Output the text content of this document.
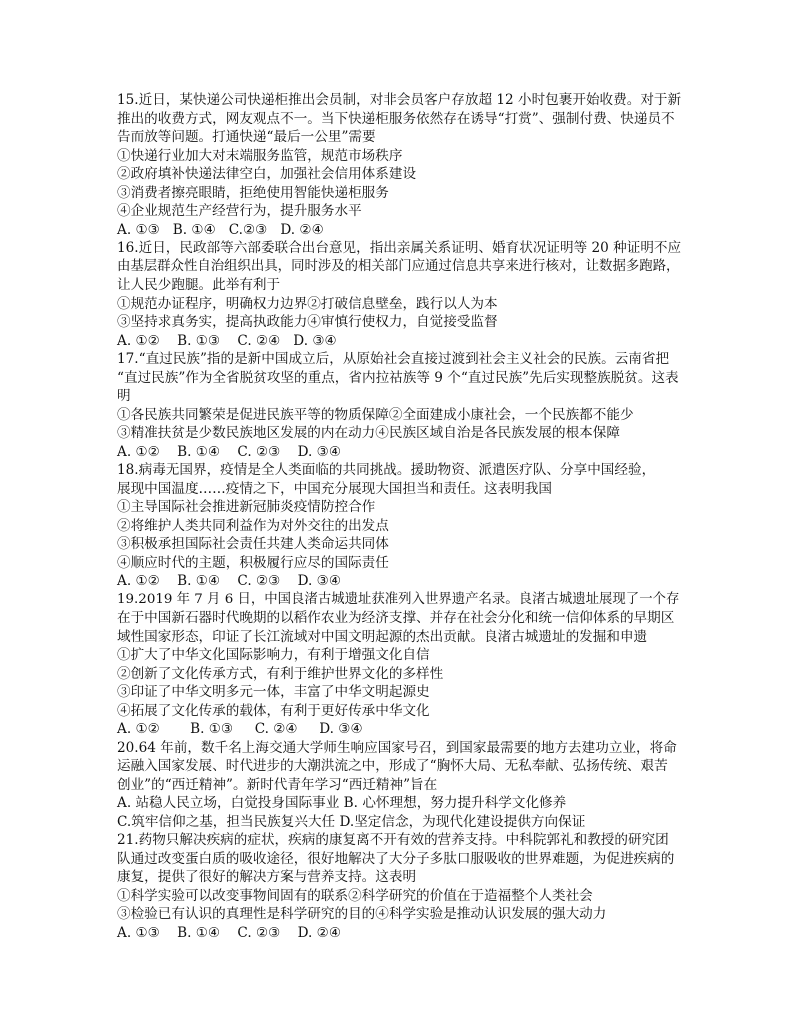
15.近日，某快递公司快递柜推出会员制，对非会员客户存放超 12 小时包裹开始收费。对于新
推出的收费方式，网友观点不一。当下快递柜服务依然存在诱导“打赏”、强制付费、快递员不
告而放等问题。打通快递“最后一公里”需要
①快递行业加大对末端服务监管，规范市场秩序
②政府填补快递法律空白，加强社会信用体系建设
③消费者擦亮眼睛，拒绝使用智能快递柜服务
④企业规范生产经营行为，提升服务水平
A. ①③   B. ①④   C.②③   D. ②④
16.近日，民政部等六部委联合出台意见，指出亲属关系证明、婚育状况证明等 20 种证明不应
由基层群众性自治组织出具，同时涉及的相关部门应通过信息共享来进行核对，让数据多跑路，
让人民少跑腿。此举有利于
①规范办证程序，明确权力边界②打破信息壁垒，践行以人为本
③坚持求真务实，提高执政能力④审慎行使权力，自觉接受监督
A. ①②    B. ①③    C. ②④   D. ③④
17.“直过民族”指的是新中国成立后，从原始社会直接过渡到社会主义社会的民族。云南省把
“直过民族”作为全省脱贫攻坚的重点，省内拉祜族等 9 个“直过民族”先后实现整族脱贫。这表
明
①各民族共同繁荣是促进民族平等的物质保障②全面建成小康社会，一个民族都不能少
③精准扶贫是少数民族地区发展的内在动力④民族区域自治是各民族发展的根本保障
A. ①②    B. ①④    C. ②③    D. ③④
18.病毒无国界，疫情是全人类面临的共同挑战。援助物资、派遣医疗队、分享中国经验，
展现中国温度……疫情之下，中国充分展现大国担当和责任。这表明我国
①主导国际社会推进新冠肺炎疫情防控合作
②将维护人类共同利益作为对外交往的出发点
③积极承担国际社会责任共建人类命运共同体
④顺应时代的主题，积极履行应尽的国际责任
A. ①②    B. ①④    C. ②③    D. ③④
19.2019 年 7 月 6 日，中国良渚古城遗址获准列入世界遗产名录。良渚古城遗址展现了一个存
在于中国新石器时代晚期的以稻作农业为经济支撑、并存在社会分化和统一信仰体系的早期区
域性国家形态，印证了长江流域对中国文明起源的杰出贡献。良渚古城遗址的发掘和申遗
①扩大了中华文化国际影响力，有利于增强文化自信
②创新了文化传承方式，有利于维护世界文化的多样性
③印证了中华文明多元一体，丰富了中华文明起源史
④拓展了文化传承的载体，有利于更好传承中华文化
A. ①②       B. ①③     C. ②④     D. ③④
20.64 年前，数千名上海交通大学师生响应国家号召，到国家最需要的地方去建功立业，将命
运融入国家发展、时代进步的大潮洪流之中，形成了“胸怀大局、无私奉献、弘扬传统、艰苦
创业”的“西迁精神”。新时代青年学习“西迁精神”旨在
A. 站稳人民立场，白觉投身国际事业 B. 心怀理想，努力提升科学文化修养
C.筑牢信仰之基，担当民族复兴大任 D.坚定信念，为现代化建设提供方向保证
21.药物只解决疾病的症状，疾病的康复离不开有效的营养支持。中科院郭礼和教授的研究团
队通过改变蛋白质的吸收途径，很好地解决了大分子多肽口服吸收的世界难题，为促进疾病的
康复，提供了很好的解决方案与营养支持。这表明
①科学实验可以改变事物间固有的联系②科学研究的价值在于造福整个人类社会
③检验已有认识的真理性是科学研究的目的④科学实验是推动认识发展的强大动力
A. ①③    B. ①④    C. ②③    D. ②④
